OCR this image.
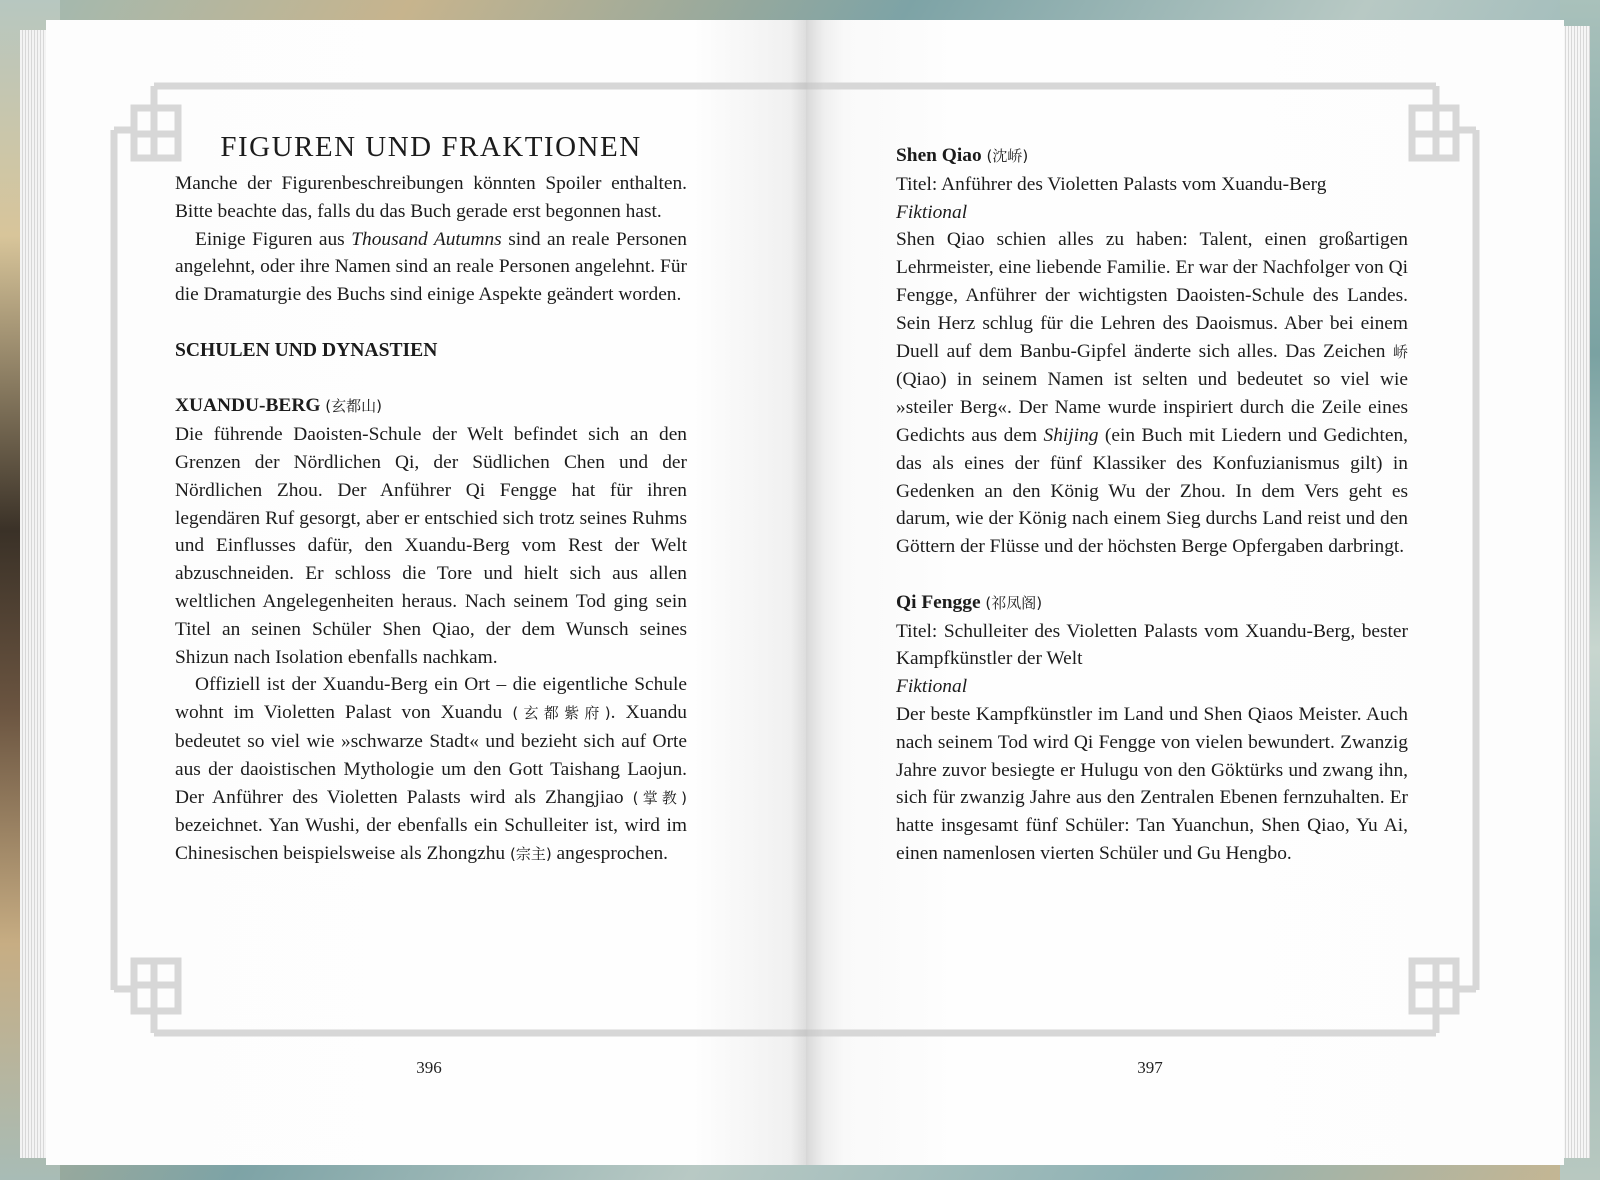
FIGUREN UND FRAKTIONEN

Manche der Figurenbeschreibungen könnten Spoiler enthalten. Bitte beachte das, falls du das Buch gerade erst begonnen hast.

Einige Figuren aus Thousand Autumns sind an reale Personen angelehnt, oder ihre Namen sind an reale Personen angelehnt. Für die Dramaturgie des Buchs sind einige Aspekte geändert worden.

SCHULEN UND DYNASTIEN

XUANDU-BERG (玄都山)

Die führende Daoisten-Schule der Welt befindet sich an den Grenzen der Nördlichen Qi, der Südlichen Chen und der Nördlichen Zhou. Der Anführer Qi Fengge hat für ihren legendären Ruf gesorgt, aber er entschied sich trotz seines Ruhms und Einflusses dafür, den Xuandu-Berg vom Rest der Welt abzuschneiden. Er schloss die Tore und hielt sich aus allen weltlichen Angelegenheiten heraus. Nach seinem Tod ging sein Titel an seinen Schüler Shen Qiao, der dem Wunsch seines Shizun nach Isolation ebenfalls nachkam.

Offiziell ist der Xuandu-Berg ein Ort – die eigentliche Schule wohnt im Violetten Palast von Xuandu (玄都紫府). Xuandu bedeutet so viel wie »schwarze Stadt« und bezieht sich auf Orte aus der daoistischen Mythologie um den Gott Taishang Laojun. Der Anführer des Violetten Palasts wird als Zhangjiao (掌教) bezeichnet. Yan Wushi, der ebenfalls ein Schulleiter ist, wird im Chinesischen beispielsweise als Zhongzhu (宗主) angesprochen.

396

Shen Qiao (沈峤)

Titel: Anführer des Violetten Palasts vom Xuandu-Berg

Fiktional

Shen Qiao schien alles zu haben: Talent, einen großartigen Lehrmeister, eine liebende Familie. Er war der Nachfolger von Qi Fengge, Anführer der wichtigsten Daoisten-Schule des Landes. Sein Herz schlug für die Lehren des Daoismus. Aber bei einem Duell auf dem Banbu-Gipfel änderte sich alles. Das Zeichen 峤 (Qiao) in seinem Namen ist selten und bedeutet so viel wie »steiler Berg«. Der Name wurde inspiriert durch die Zeile eines Gedichts aus dem Shijing (ein Buch mit Liedern und Gedichten, das als eines der fünf Klassiker des Konfuzianismus gilt) in Gedenken an den König Wu der Zhou. In dem Vers geht es darum, wie der König nach einem Sieg durchs Land reist und den Göttern der Flüsse und der höchsten Berge Opfergaben darbringt.

Qi Fengge (祁凤阁)

Titel: Schulleiter des Violetten Palasts vom Xuandu-Berg, bester Kampfkünstler der Welt

Fiktional

Der beste Kampfkünstler im Land und Shen Qiaos Meister. Auch nach seinem Tod wird Qi Fengge von vielen bewundert. Zwanzig Jahre zuvor besiegte er Hulugu von den Göktürks und zwang ihn, sich für zwanzig Jahre aus den Zentralen Ebenen fernzuhalten. Er hatte insgesamt fünf Schüler: Tan Yuanchun, Shen Qiao, Yu Ai, einen namenlosen vierten Schüler und Gu Hengbo.

397
